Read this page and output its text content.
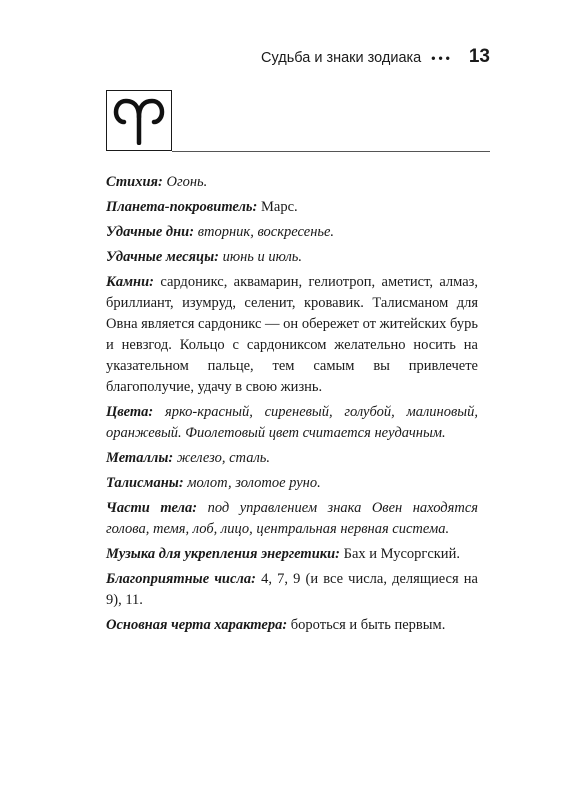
Судьба и знаки зодиака ••• 13

Стихия: Огонь.

Планета-покровитель: Марс.

Удачные дни: вторник, воскресенье.

Удачные месяцы: июнь и июль.

Камни: сардоникс, аквамарин, гелиотроп, аметист, алмаз, бриллиант, изумруд, селенит, кровавик. Талисманом для Овна является сардоникс — он обережет от житейских бурь и невзгод. Кольцо с сардониксом желательно носить на указательном пальце, тем самым вы привлечете благополучие, удачу в свою жизнь.

Цвета: ярко-красный, сиреневый, голубой, малиновый, оранжевый. Фиолетовый цвет считается неудачным.

Металлы: железо, сталь.

Талисманы: молот, золотое руно.

Части тела: под управлением знака Овен находятся голова, темя, лоб, лицо, центральная нервная система.

Музыка для укрепления энергетики: Бах и Мусоргский.

Благоприятные числа: 4, 7, 9 (и все числа, делящиеся на 9), 11.

Основная черта характера: бороться и быть первым.
